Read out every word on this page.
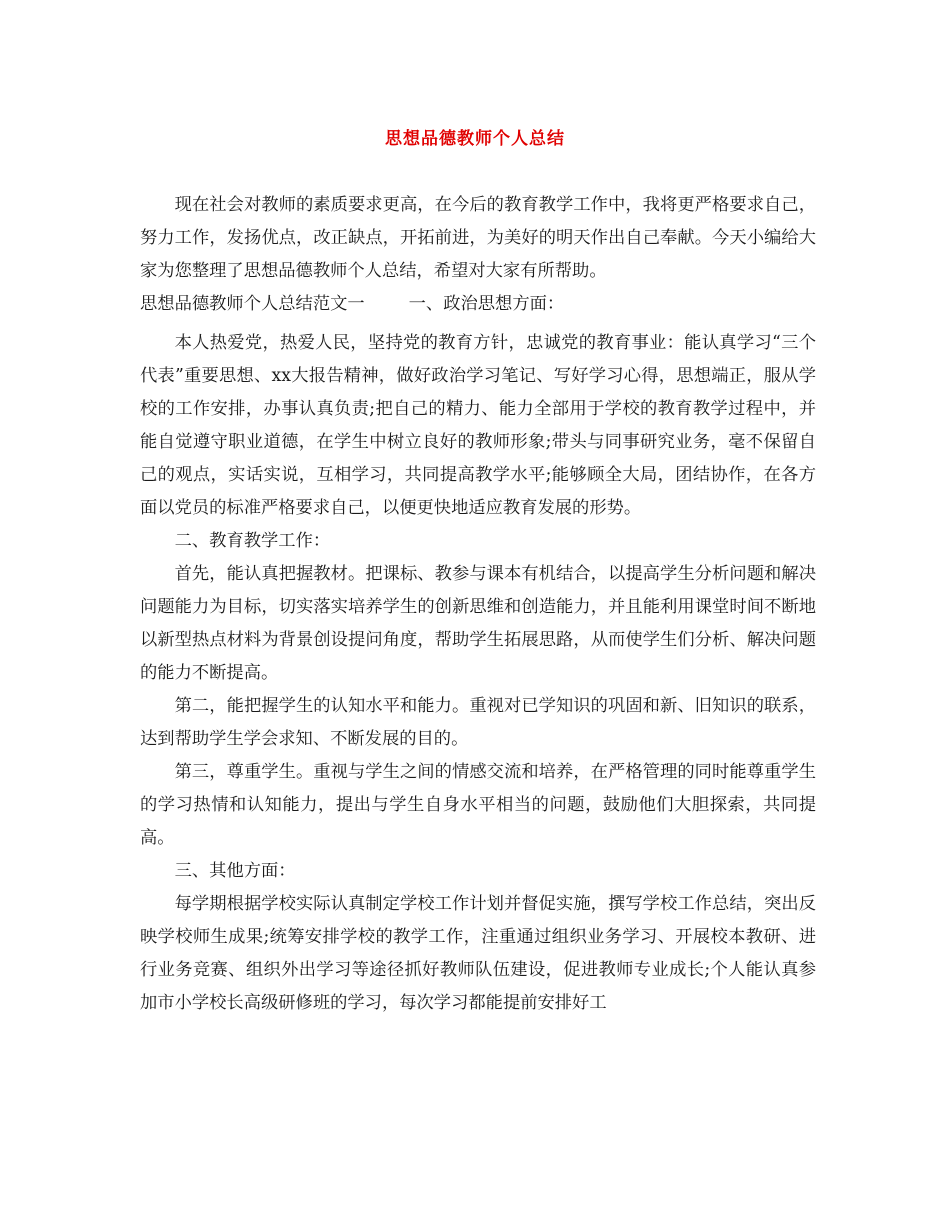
思想品德教师个人总结

现在社会对教师的素质要求更高，在今后的教育教学工作中，我将更严格要求自己，努力工作，发扬优点，改正缺点，开拓前进，为美好的明天作出自己奉献。今天小编给大家为您整理了思想品德教师个人总结，希望对大家有所帮助。

思想品德教师个人总结范文一	一、政治思想方面：

本人热爱党，热爱人民，坚持党的教育方针，忠诚党的教育事业：能认真学习“三个代表”重要思想、xx大报告精神，做好政治学习笔记、写好学习心得，思想端正，服从学校的工作安排，办事认真负责;把自己的精力、能力全部用于学校的教育教学过程中，并能自觉遵守职业道德，在学生中树立良好的教师形象;带头与同事研究业务，毫不保留自己的观点，实话实说，互相学习，共同提高教学水平;能够顾全大局，团结协作，在各方面以党员的标准严格要求自己，以便更快地适应教育发展的形势。

二、教育教学工作：

首先，能认真把握教材。把课标、教参与课本有机结合，以提高学生分析问题和解决问题能力为目标，切实落实培养学生的创新思维和创造能力，并且能利用课堂时间不断地以新型热点材料为背景创设提问角度，帮助学生拓展思路，从而使学生们分析、解决问题的能力不断提高。

第二，能把握学生的认知水平和能力。重视对已学知识的巩固和新、旧知识的联系，达到帮助学生学会求知、不断发展的目的。

第三，尊重学生。重视与学生之间的情感交流和培养，在严格管理的同时能尊重学生的学习热情和认知能力，提出与学生自身水平相当的问题，鼓励他们大胆探索，共同提高。

三、其他方面：

每学期根据学校实际认真制定学校工作计划并督促实施，撰写学校工作总结，突出反映学校师生成果;统筹安排学校的教学工作，注重通过组织业务学习、开展校本教研、进行业务竞赛、组织外出学习等途径抓好教师队伍建设，促进教师专业成长;个人能认真参加市小学校长高级研修班的学习，每次学习都能提前安排好工
